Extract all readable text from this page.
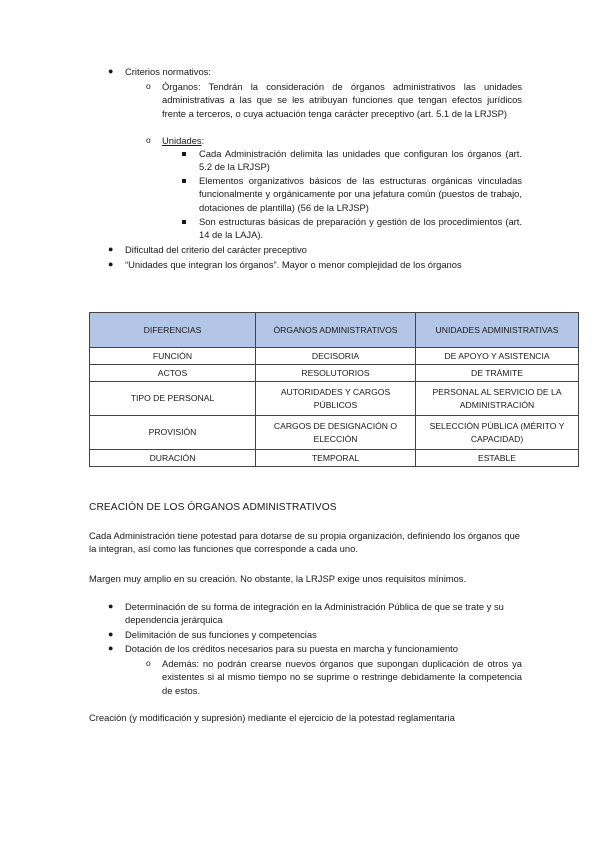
● Criterios normativos:
o Órganos: Tendrán la consideración de órganos administrativos las unidades administrativas a las que se les atribuyan funciones que tengan efectos jurídicos frente a terceros, o cuya actuación tenga carácter preceptivo (art. 5.1 de la LRJSP)
o Unidades:
Cada Administración delimita las unidades que configuran los órganos (art. 5.2 de la LRJSP)
Elementos organizativos básicos de las estructuras orgánicas vinculadas funcionalmente y orgánicamente por una jefatura común (puestos de trabajo, dotaciones de plantilla) (56 de la LRJSP)
Son estructuras básicas de preparación y gestión de los procedimientos (art. 14 de la LAJA).
● Dificultad del criterio del carácter preceptivo
● “Unidades que integran los órganos”. Mayor o menor complejidad de los órganos
DIFERENCIAS	ÓRGANOS ADMINISTRATIVOS	UNIDADES ADMINISTRATIVAS
FUNCIÓN	DECISORIA	DE APOYO Y ASISTENCIA
ACTOS	RESOLUTORIOS	DE TRÁMITE
TIPO DE PERSONAL	AUTORIDADES Y CARGOS PÚBLICOS	PERSONAL AL SERVICIO DE LA ADMINISTRACIÓN
PROVISIÓN	CARGOS DE DESIGNACIÓN O ELECCIÓN	SELECCIÓN PÚBLICA (MÉRITO Y CAPACIDAD)
DURACIÓN	TEMPORAL	ESTABLE
CREACIÓN DE LOS ÓRGANOS ADMINISTRATIVOS
Cada Administración tiene potestad para dotarse de su propia organización, definiendo los órganos que la integran, así como las funciones que corresponde a cada uno.
Margen muy amplio en su creación. No obstante, la LRJSP exige unos requisitos mínimos.
● Determinación de su forma de integración en la Administración Pública de que se trate y su dependencia jerárquica
● Delimitación de sus funciones y competencias
● Dotación de los créditos necesarios para su puesta en marcha y funcionamiento
o Además: no podrán crearse nuevos órganos que supongan duplicación de otros ya existentes si al mismo tiempo no se suprime o restringe debidamente la competencia de estos.
Creación (y modificación y supresión) mediante el ejercicio de la potestad reglamentaria
